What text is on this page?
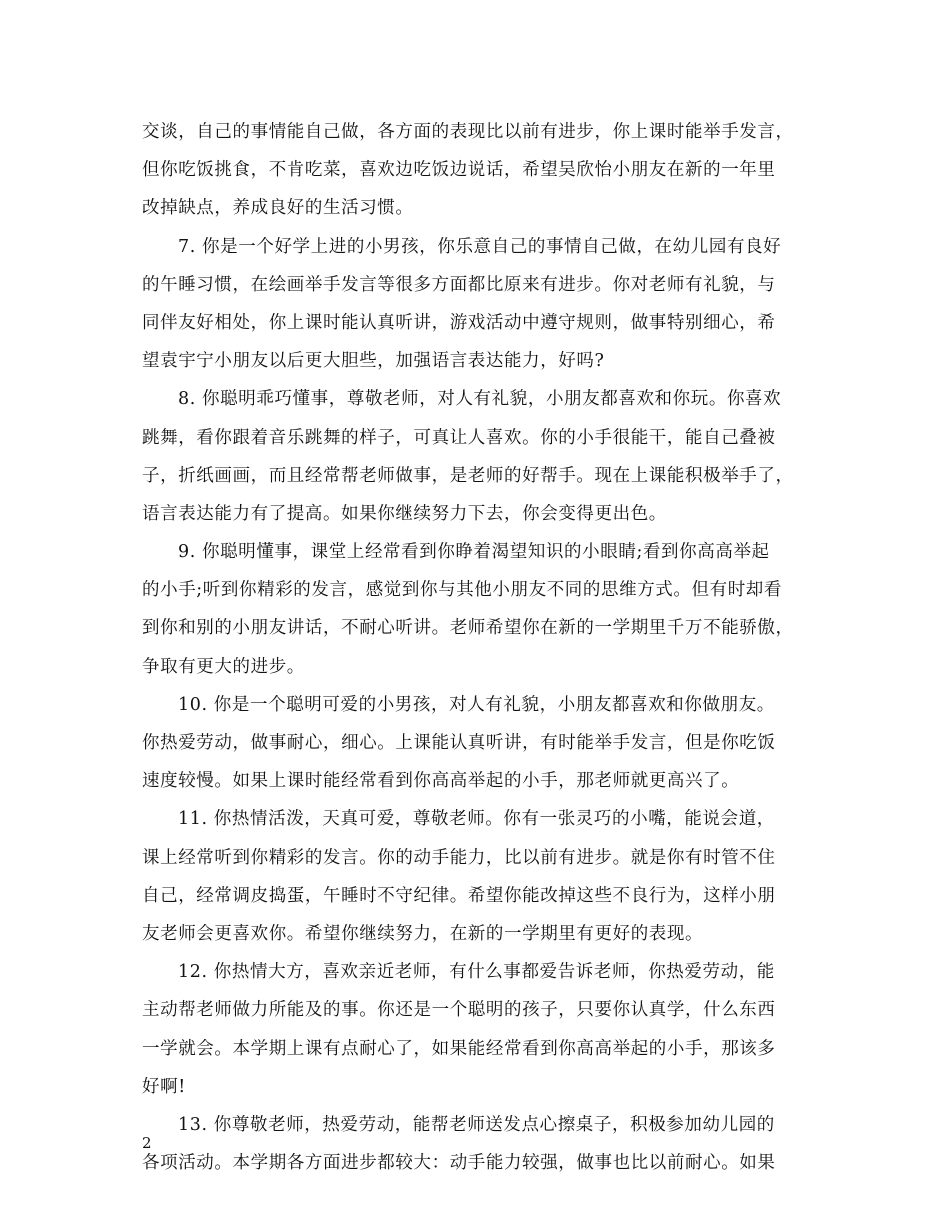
交谈，自己的事情能自己做，各方面的表现比以前有进步，你上课时能举手发言，
但你吃饭挑食，不肯吃菜，喜欢边吃饭边说话，希望吴欣怡小朋友在新的一年里
改掉缺点，养成良好的生活习惯。
7. 你是一个好学上进的小男孩，你乐意自己的事情自己做，在幼儿园有良好
的午睡习惯，在绘画举手发言等很多方面都比原来有进步。你对老师有礼貌，与
同伴友好相处，你上课时能认真听讲，游戏活动中遵守规则，做事特别细心，希
望袁宇宁小朋友以后更大胆些，加强语言表达能力，好吗?
8. 你聪明乖巧懂事，尊敬老师，对人有礼貌，小朋友都喜欢和你玩。你喜欢
跳舞，看你跟着音乐跳舞的样子，可真让人喜欢。你的小手很能干，能自己叠被
子，折纸画画，而且经常帮老师做事，是老师的好帮手。现在上课能积极举手了，
语言表达能力有了提高。如果你继续努力下去，你会变得更出色。
9. 你聪明懂事，课堂上经常看到你睁着渴望知识的小眼睛;看到你高高举起
的小手;听到你精彩的发言，感觉到你与其他小朋友不同的思维方式。但有时却看
到你和别的小朋友讲话，不耐心听讲。老师希望你在新的一学期里千万不能骄傲，
争取有更大的进步。
10. 你是一个聪明可爱的小男孩，对人有礼貌，小朋友都喜欢和你做朋友。
你热爱劳动，做事耐心，细心。上课能认真听讲，有时能举手发言，但是你吃饭
速度较慢。如果上课时能经常看到你高高举起的小手，那老师就更高兴了。
11. 你热情活泼，天真可爱，尊敬老师。你有一张灵巧的小嘴，能说会道，
课上经常听到你精彩的发言。你的动手能力，比以前有进步。就是你有时管不住
自己，经常调皮捣蛋，午睡时不守纪律。希望你能改掉这些不良行为，这样小朋
友老师会更喜欢你。希望你继续努力，在新的一学期里有更好的表现。
12. 你热情大方，喜欢亲近老师，有什么事都爱告诉老师，你热爱劳动，能
主动帮老师做力所能及的事。你还是一个聪明的孩子，只要你认真学，什么东西
一学就会。本学期上课有点耐心了，如果能经常看到你高高举起的小手，那该多
好啊!
13. 你尊敬老师，热爱劳动，能帮老师送发点心擦桌子，积极参加幼儿园的
各项活动。本学期各方面进步都较大：动手能力较强，做事也比以前耐心。如果
2
